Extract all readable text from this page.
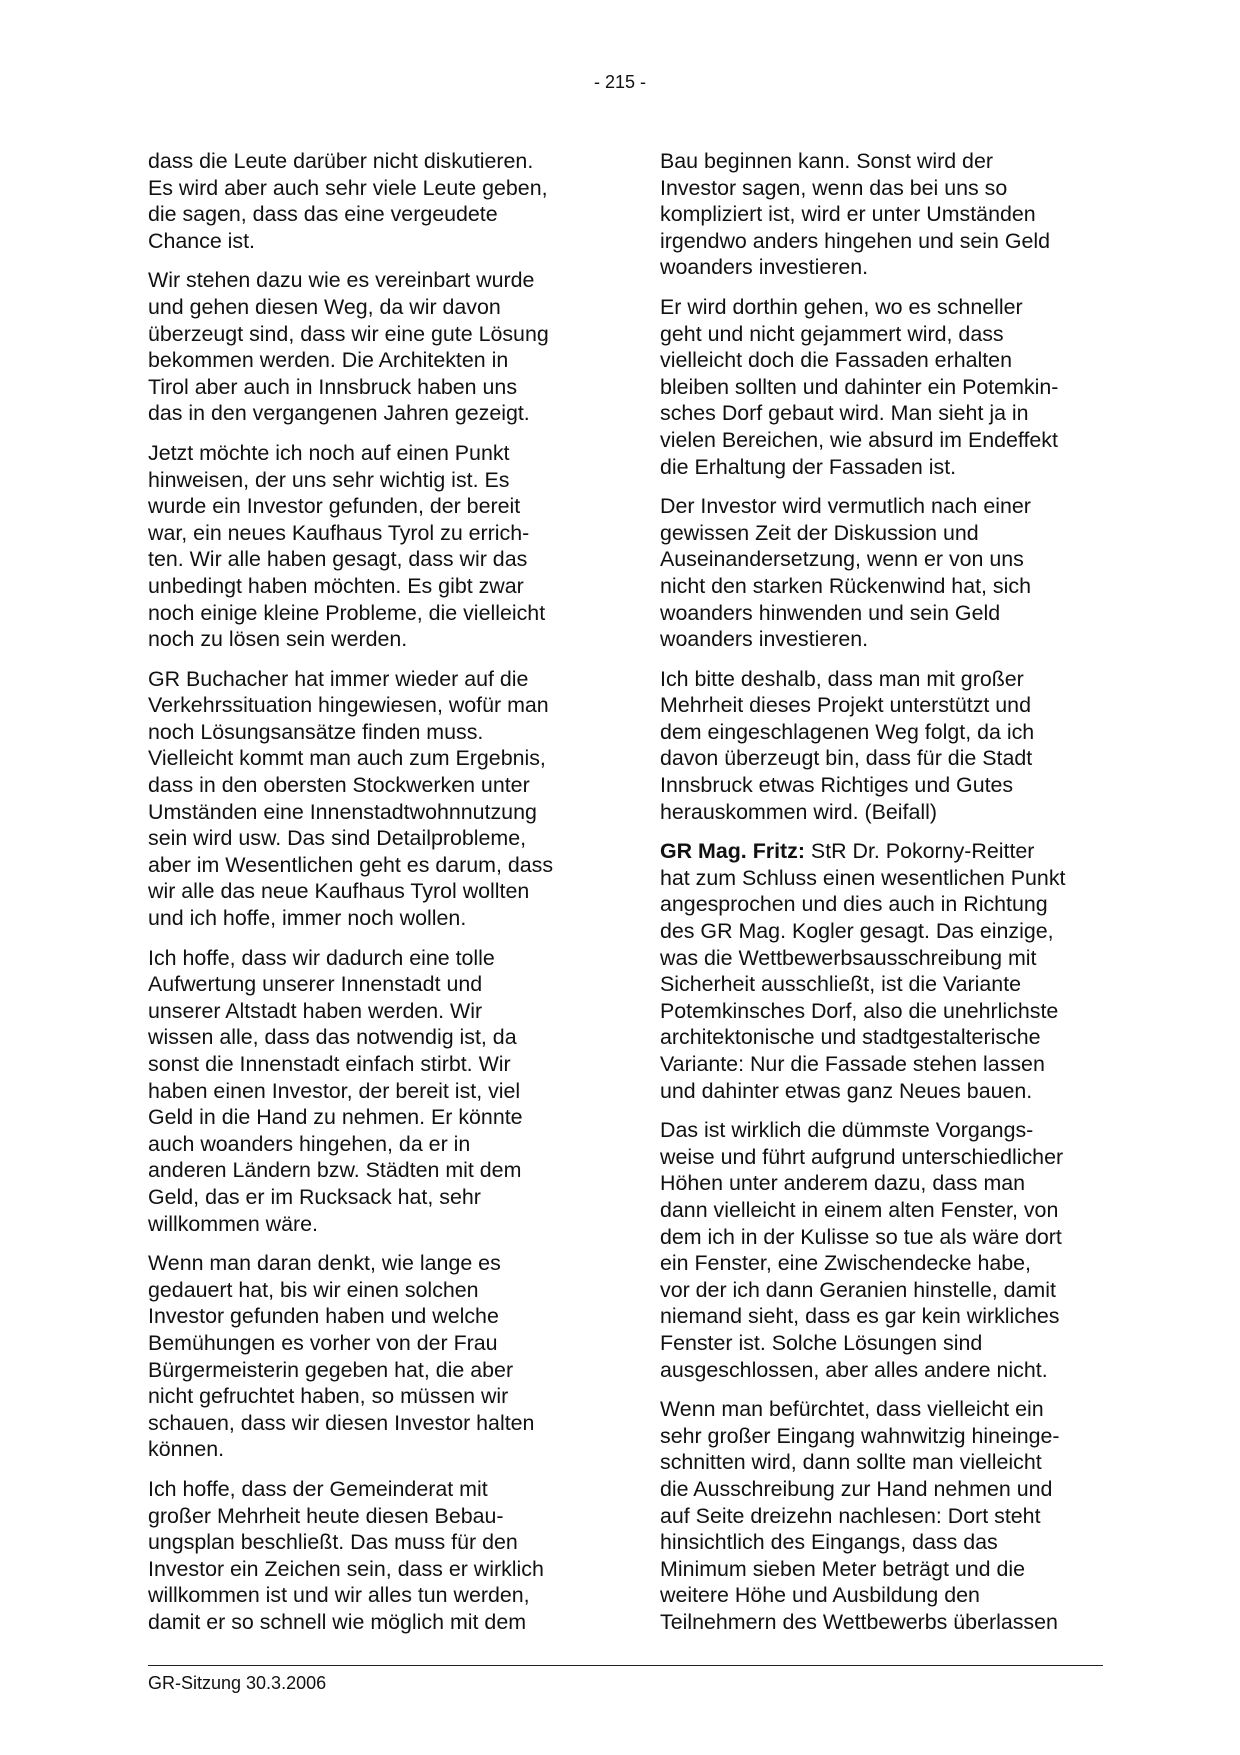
- 215 -

dass die Leute darüber nicht diskutieren.
Es wird aber auch sehr viele Leute geben,
die sagen, dass das eine vergeudete
Chance ist.

Wir stehen dazu wie es vereinbart wurde
und gehen diesen Weg, da wir davon
überzeugt sind, dass wir eine gute Lösung
bekommen werden. Die Architekten in
Tirol aber auch in Innsbruck haben uns
das in den vergangenen Jahren gezeigt.

Jetzt möchte ich noch auf einen Punkt
hinweisen, der uns sehr wichtig ist. Es
wurde ein Investor gefunden, der bereit
war, ein neues Kaufhaus Tyrol zu errich-
ten. Wir alle haben gesagt, dass wir das
unbedingt haben möchten. Es gibt zwar
noch einige kleine Probleme, die vielleicht
noch zu lösen sein werden.

GR Buchacher hat immer wieder auf die
Verkehrssituation hingewiesen, wofür man
noch Lösungsansätze finden muss.
Vielleicht kommt man auch zum Ergebnis,
dass in den obersten Stockwerken unter
Umständen eine Innenstadtwohnnutzung
sein wird usw. Das sind Detailprobleme,
aber im Wesentlichen geht es darum, dass
wir alle das neue Kaufhaus Tyrol wollten
und ich hoffe, immer noch wollen.

Ich hoffe, dass wir dadurch eine tolle
Aufwertung unserer Innenstadt und
unserer Altstadt haben werden. Wir
wissen alle, dass das notwendig ist, da
sonst die Innenstadt einfach stirbt. Wir
haben einen Investor, der bereit ist, viel
Geld in die Hand zu nehmen. Er könnte
auch woanders hingehen, da er in
anderen Ländern bzw. Städten mit dem
Geld, das er im Rucksack hat, sehr
willkommen wäre.

Wenn man daran denkt, wie lange es
gedauert hat, bis wir einen solchen
Investor gefunden haben und welche
Bemühungen es vorher von der Frau
Bürgermeisterin gegeben hat, die aber
nicht gefruchtet haben, so müssen wir
schauen, dass wir diesen Investor halten
können.

Ich hoffe, dass der Gemeinderat mit
großer Mehrheit heute diesen Bebau-
ungsplan beschließt. Das muss für den
Investor ein Zeichen sein, dass er wirklich
willkommen ist und wir alles tun werden,
damit er so schnell wie möglich mit dem

Bau beginnen kann. Sonst wird der
Investor sagen, wenn das bei uns so
kompliziert ist, wird er unter Umständen
irgendwo anders hingehen und sein Geld
woanders investieren.

Er wird dorthin gehen, wo es schneller
geht und nicht gejammert wird, dass
vielleicht doch die Fassaden erhalten
bleiben sollten und dahinter ein Potemkin-
sches Dorf gebaut wird. Man sieht ja in
vielen Bereichen, wie absurd im Endeffekt
die Erhaltung der Fassaden ist.

Der Investor wird vermutlich nach einer
gewissen Zeit der Diskussion und
Auseinandersetzung, wenn er von uns
nicht den starken Rückenwind hat, sich
woanders hinwenden und sein Geld
woanders investieren.

Ich bitte deshalb, dass man mit großer
Mehrheit dieses Projekt unterstützt und
dem eingeschlagenen Weg folgt, da ich
davon überzeugt bin, dass für die Stadt
Innsbruck etwas Richtiges und Gutes
herauskommen wird. (Beifall)

GR Mag. Fritz: StR Dr. Pokorny-Reitter
hat zum Schluss einen wesentlichen Punkt
angesprochen und dies auch in Richtung
des GR Mag. Kogler gesagt. Das einzige,
was die Wettbewerbsausschreibung mit
Sicherheit ausschließt, ist die Variante
Potemkinsches Dorf, also die unehrlichste
architektonische und stadtgestalterische
Variante: Nur die Fassade stehen lassen
und dahinter etwas ganz Neues bauen.

Das ist wirklich die dümmste Vorgangs-
weise und führt aufgrund unterschiedlicher
Höhen unter anderem dazu, dass man
dann vielleicht in einem alten Fenster, von
dem ich in der Kulisse so tue als wäre dort
ein Fenster, eine Zwischendecke habe,
vor der ich dann Geranien hinstelle, damit
niemand sieht, dass es gar kein wirkliches
Fenster ist. Solche Lösungen sind
ausgeschlossen, aber alles andere nicht.

Wenn man befürchtet, dass vielleicht ein
sehr großer Eingang wahnwitzig hineinge-
schnitten wird, dann sollte man vielleicht
die Ausschreibung zur Hand nehmen und
auf Seite dreizehn nachlesen: Dort steht
hinsichtlich des Eingangs, dass das
Minimum sieben Meter beträgt und die
weitere Höhe und Ausbildung den
Teilnehmern des Wettbewerbs überlassen

GR-Sitzung 30.3.2006
